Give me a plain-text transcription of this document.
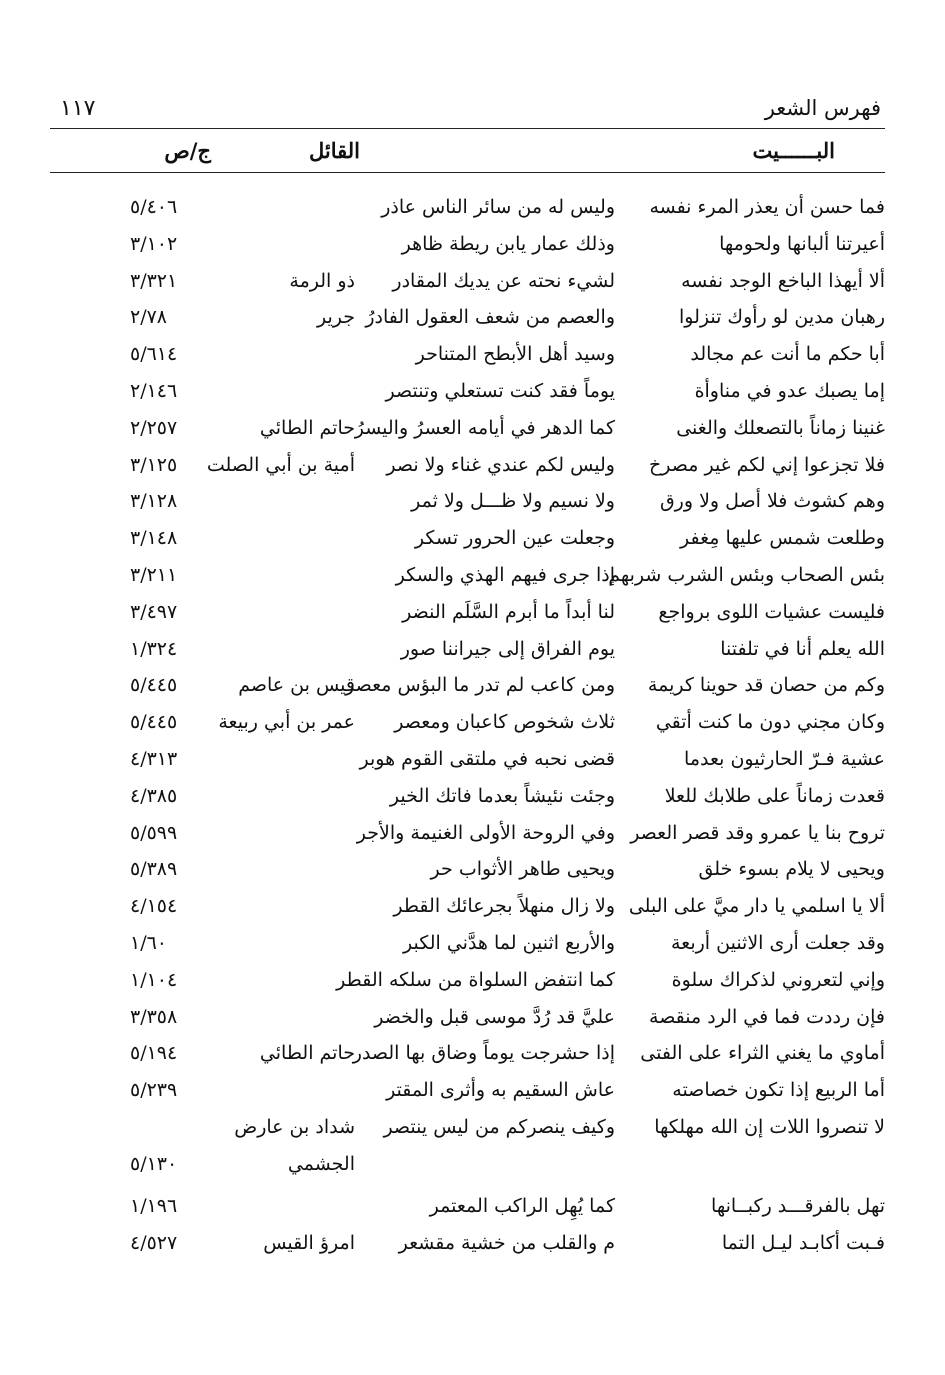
فهرس الشعر
١١٧
البــــــيت
القائل
ج/ص
فما حسن أن يعذر المرء نفسه
وليس له من سائر الناس عاذر
٥/٤٠٦
أعيرتنا ألبانها ولحومها
وذلك عمار يابن ريطة ظاهر
٣/١٠٢
ألا أيهذا الباخع الوجد نفسه
لشيء نحته عن يديك المقادر
ذو الرمة
٣/٣٢١
رهبان مدين لو رأوك تنزلوا
والعصم من شعف العقول الفادرُ
جرير
٢/٧٨
أبا حكم ما أنت عم مجالد
وسيد أهل الأبطح المتناحر
٥/٦١٤
إما يصبك عدو في مناوأة
يوماً فقد كنت تستعلي وتنتصر
٢/١٤٦
غنينا زماناً بالتصعلك والغنى
كما الدهر في أيامه العسرُ واليسرُ
حاتم الطائي
٢/٢٥٧
فلا تجزعوا إني لكم غير مصرخ
وليس لكم عندي غناء ولا نصر
أمية بن أبي الصلت
٣/١٢٥
وهم كشوث فلا أصل ولا ورق
ولا نسيم ولا ظـــل ولا ثمر
٣/١٢٨
وطلعت شمس عليها مِغفر
وجعلت عين الحرور تسكر
٣/١٤٨
بئس الصحاب وبئس الشرب شربهم
إذا جرى فيهم الهذي والسكر
٣/٢١١
فليست عشيات اللوى برواجع
لنا أبداً ما أبرم السَّلَم النضر
٣/٤٩٧
الله يعلم أنا في تلفتنا
يوم الفراق إلى جيراننا صور
١/٣٢٤
وكم من حصان قد حوينا كريمة
ومن كاعب لم تدر ما البؤس معصر
قيس بن عاصم
٥/٤٤٥
وكان مجني دون ما كنت أتقي
ثلاث شخوص كاعبان ومعصر
عمر بن أبي ربيعة
٥/٤٤٥
عشية فـرّ الحارثيون بعدما
قضى نحبه في ملتقى القوم هوبر
٤/٣١٣
قعدت زماناً على طلابك للعلا
وجئت نئيشاً بعدما فاتك الخير
٤/٣٨٥
تروح بنا يا عمرو وقد قصر العصر
وفي الروحة الأولى الغنيمة والأجر
٥/٥٩٩
ويحيى لا يلام بسوء خلق
ويحيى طاهر الأثواب حر
٥/٣٨٩
ألا يا اسلمي يا دار ميَّ على البلى
ولا زال منهلاً بجرعائك القطر
٤/١٥٤
وقد جعلت أرى الاثنين أربعة
والأربع اثنين لما هدَّني الكبر
١/٦٠
وإني لتعروني لذكراك سلوة
كما انتفض السلواة من سلكه القطر
١/١٠٤
فإن رددت فما في الرد منقصة
عليَّ قد رُدَّ موسى قبل والخضر
٣/٣٥٨
أماوي ما يغني الثراء على الفتى
إذا حشرجت يوماً وضاق بها الصدر
حاتم الطائي
٥/١٩٤
أما الربيع إذا تكون خصاصته
عاش السقيم به وأثرى المقتر
٥/٢٣٩
لا تنصروا اللات إن الله مهلكها
وكيف ينصركم من ليس ينتصر
شداد بن عارض
الجشمي
٥/١٣٠
تهل بالفرقـــد ركبــانها
كما يُهِل الراكب المعتمر
١/١٩٦
فـبت أكابـد ليـل التما
م والقلب من خشية مقشعر
امرؤ القيس
٤/٥٢٧
